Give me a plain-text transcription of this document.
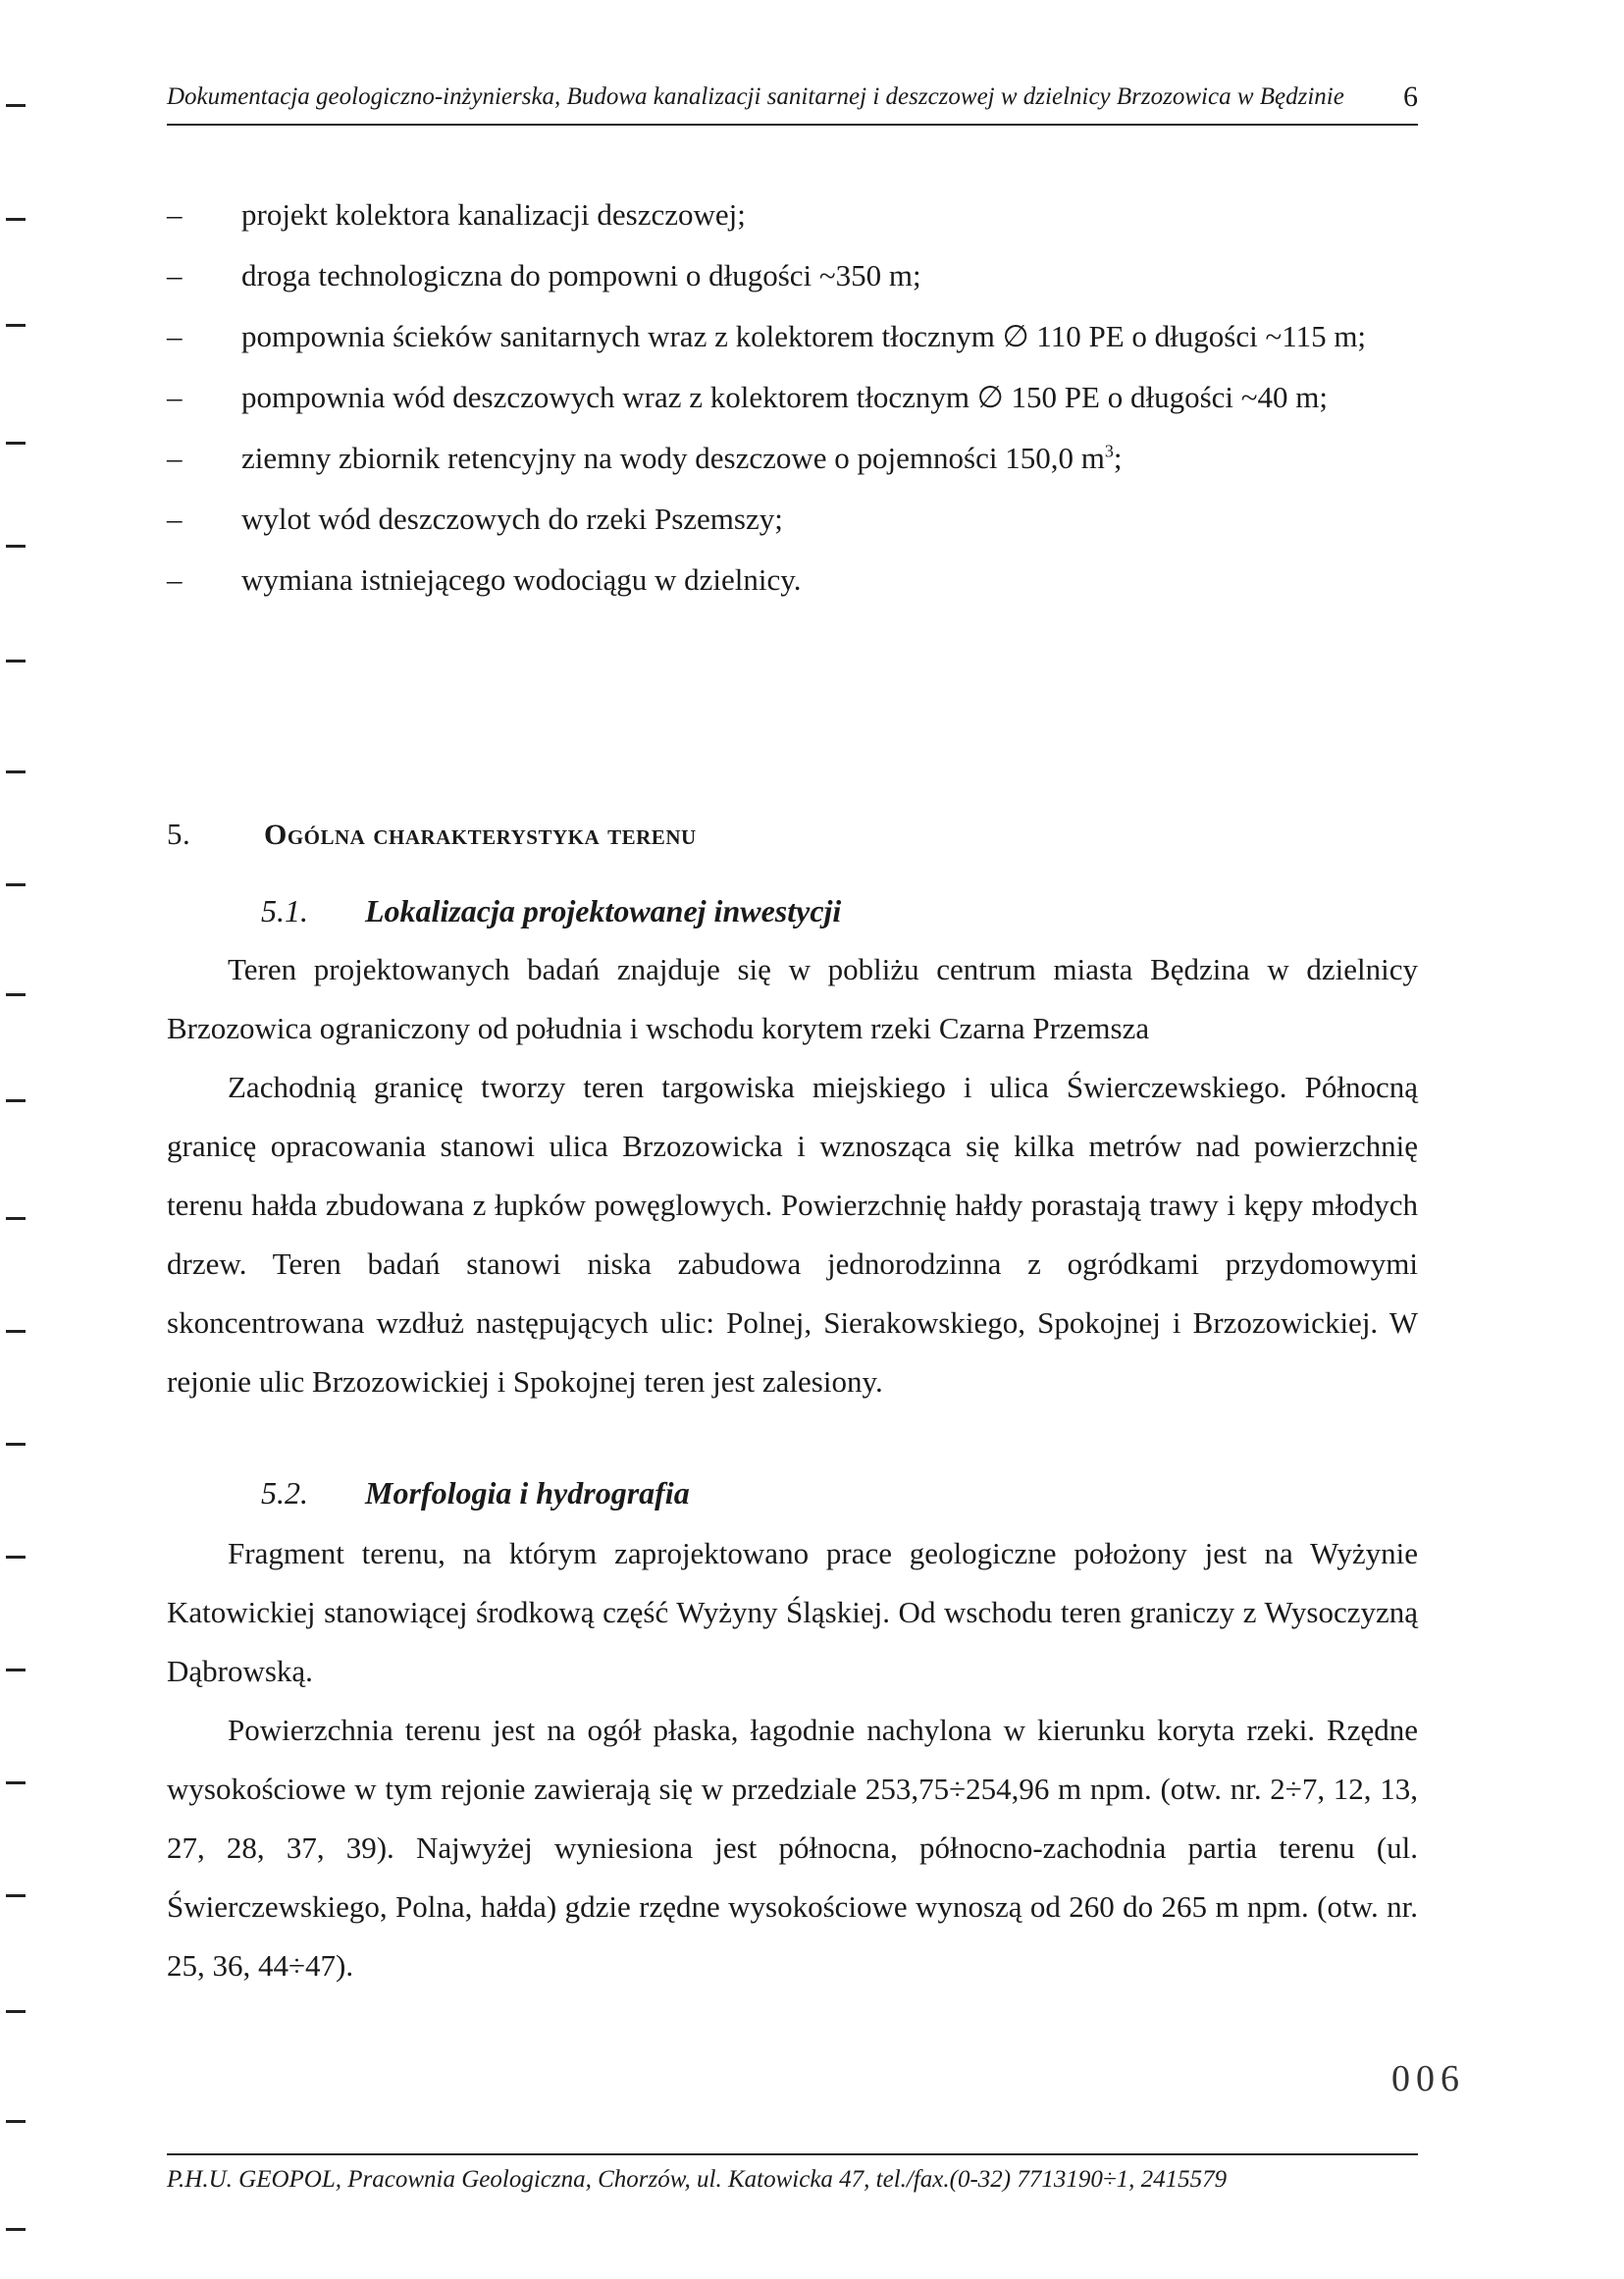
Dokumentacja geologiczno-inżynierska, Budowa kanalizacji sanitarnej i deszczowej w dzielnicy Brzozowica w Będzinie 6
– projekt kolektora kanalizacji deszczowej;
– droga technologiczna do pompowni o długości ~350 m;
– pompownia ścieków sanitarnych wraz z kolektorem tłocznym ∅ 110 PE o długości ~115 m;
– pompownia wód deszczowych wraz z kolektorem tłocznym ∅ 150 PE o długości ~40 m;
– ziemny zbiornik retencyjny na wody deszczowe o pojemności 150,0 $m^3$;
– wylot wód deszczowych do rzeki Pszemszy;
– wymiana istniejącego wodociągu w dzielnicy.
5. Ogólna charakterystyka terenu
5.1. Lokalizacja projektowanej inwestycji

Teren projektowanych badań znajduje się w pobliżu centrum miasta Będzina w dzielnicy Brzozowica ograniczony od południa i wschodu korytem rzeki Czarna Przemsza

Zachodnią granicę tworzy teren targowiska miejskiego i ulica Świerczewskiego. Północną granicę opracowania stanowi ulica Brzozowicka i wznosząca się kilka metrów nad powierzchnię terenu hałda zbudowana z łupków powęglowych. Powierzchnię hałdy porastają trawy i kępy młodych drzew. Teren badań stanowi niska zabudowa jednorodzinna z ogródkami przydomowymi skoncentrowana wzdłuż następujących ulic: Polnej, Sierakowskiego, Spokojnej i Brzozowickiej. W rejonie ulic Brzozowickiej i Spokojnej teren jest zalesiony.

5.2. Morfologia i hydrografia

Fragment terenu, na którym zaprojektowano prace geologiczne położony jest na Wyżynie Katowickiej stanowiącej środkową część Wyżyny Śląskiej. Od wschodu teren graniczy z Wysoczyzną Dąbrowską.

Powierzchnia terenu jest na ogół płaska, łagodnie nachylona w kierunku koryta rzeki. Rzędne wysokościowe w tym rejonie zawierają się w przedziale 253,75÷254,96 m npm. (otw. nr. 2÷7, 12, 13, 27, 28, 37, 39). Najwyżej wyniesiona jest północna, północno-zachodnia partia terenu (ul. Świerczewskiego, Polna, hałda) gdzie rzędne wysokościowe wynoszą od 260 do 265 m npm. (otw. nr. 25, 36, 44÷47).

006
P.H.U. GEOPOL, Pracownia Geologiczna, Chorzów, ul. Katowicka 47, tel./fax.(0-32) 7713190÷1, 2415579
